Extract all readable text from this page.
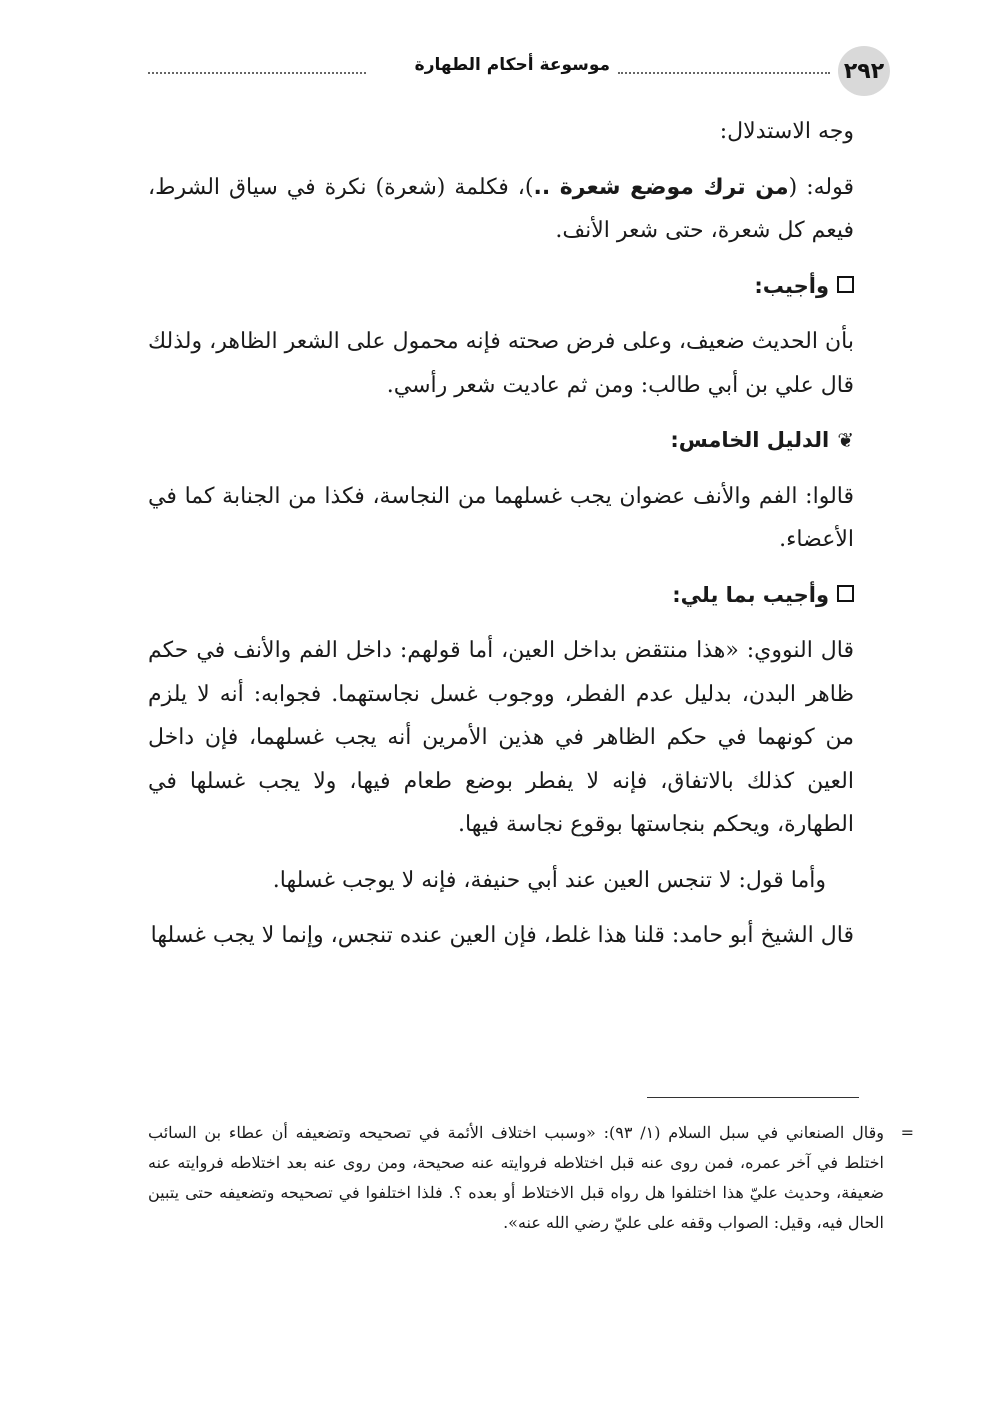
٢٩٢
موسوعة أحكام الطهارة

وجه الاستدلال:

قوله: (من ترك موضع شعرة ..)، فكلمة (شعرة) نكرة في سياق الشرط، فيعم كل شعرة، حتى شعر الأنف.

وأجيب:

بأن الحديث ضعيف، وعلى فرض صحته فإنه محمول على الشعر الظاهر، ولذلك قال علي بن أبي طالب: ومن ثم عاديت شعر رأسي.

❦الدليل الخامس:

قالوا: الفم والأنف عضوان يجب غسلهما من النجاسة، فكذا من الجنابة كما في الأعضاء.

وأجيب بما يلي:

قال النووي: «هذا منتقض بداخل العين، أما قولهم: داخل الفم والأنف في حكم ظاهر البدن، بدليل عدم الفطر، ووجوب غسل نجاستهما. فجوابه: أنه لا يلزم من كونهما في حكم الظاهر في هذين الأمرين أنه يجب غسلهما، فإن داخل العين كذلك بالاتفاق، فإنه لا يفطر بوضع طعام فيها، ولا يجب غسلها في الطهارة، ويحكم بنجاستها بوقوع نجاسة فيها.

وأما قول: لا تنجس العين عند أبي حنيفة، فإنه لا يوجب غسلها.

قال الشيخ أبو حامد: قلنا هذا غلط، فإن العين عنده تنجس، وإنما لا يجب غسلها

=

وقال الصنعاني في سبل السلام (١/ ٩٣): «وسبب اختلاف الأئمة في تصحيحه وتضعيفه أن عطاء بن السائب اختلط في آخر عمره، فمن روى عنه قبل اختلاطه فروايته عنه صحيحة، ومن روى عنه بعد اختلاطه فروايته عنه ضعيفة، وحديث عليّ هذا اختلفوا هل رواه قبل الاختلاط أو بعده ؟. فلذا اختلفوا في تصحيحه وتضعيفه حتى يتبين الحال فيه، وقيل: الصواب وقفه على عليّ رضي الله عنه».
